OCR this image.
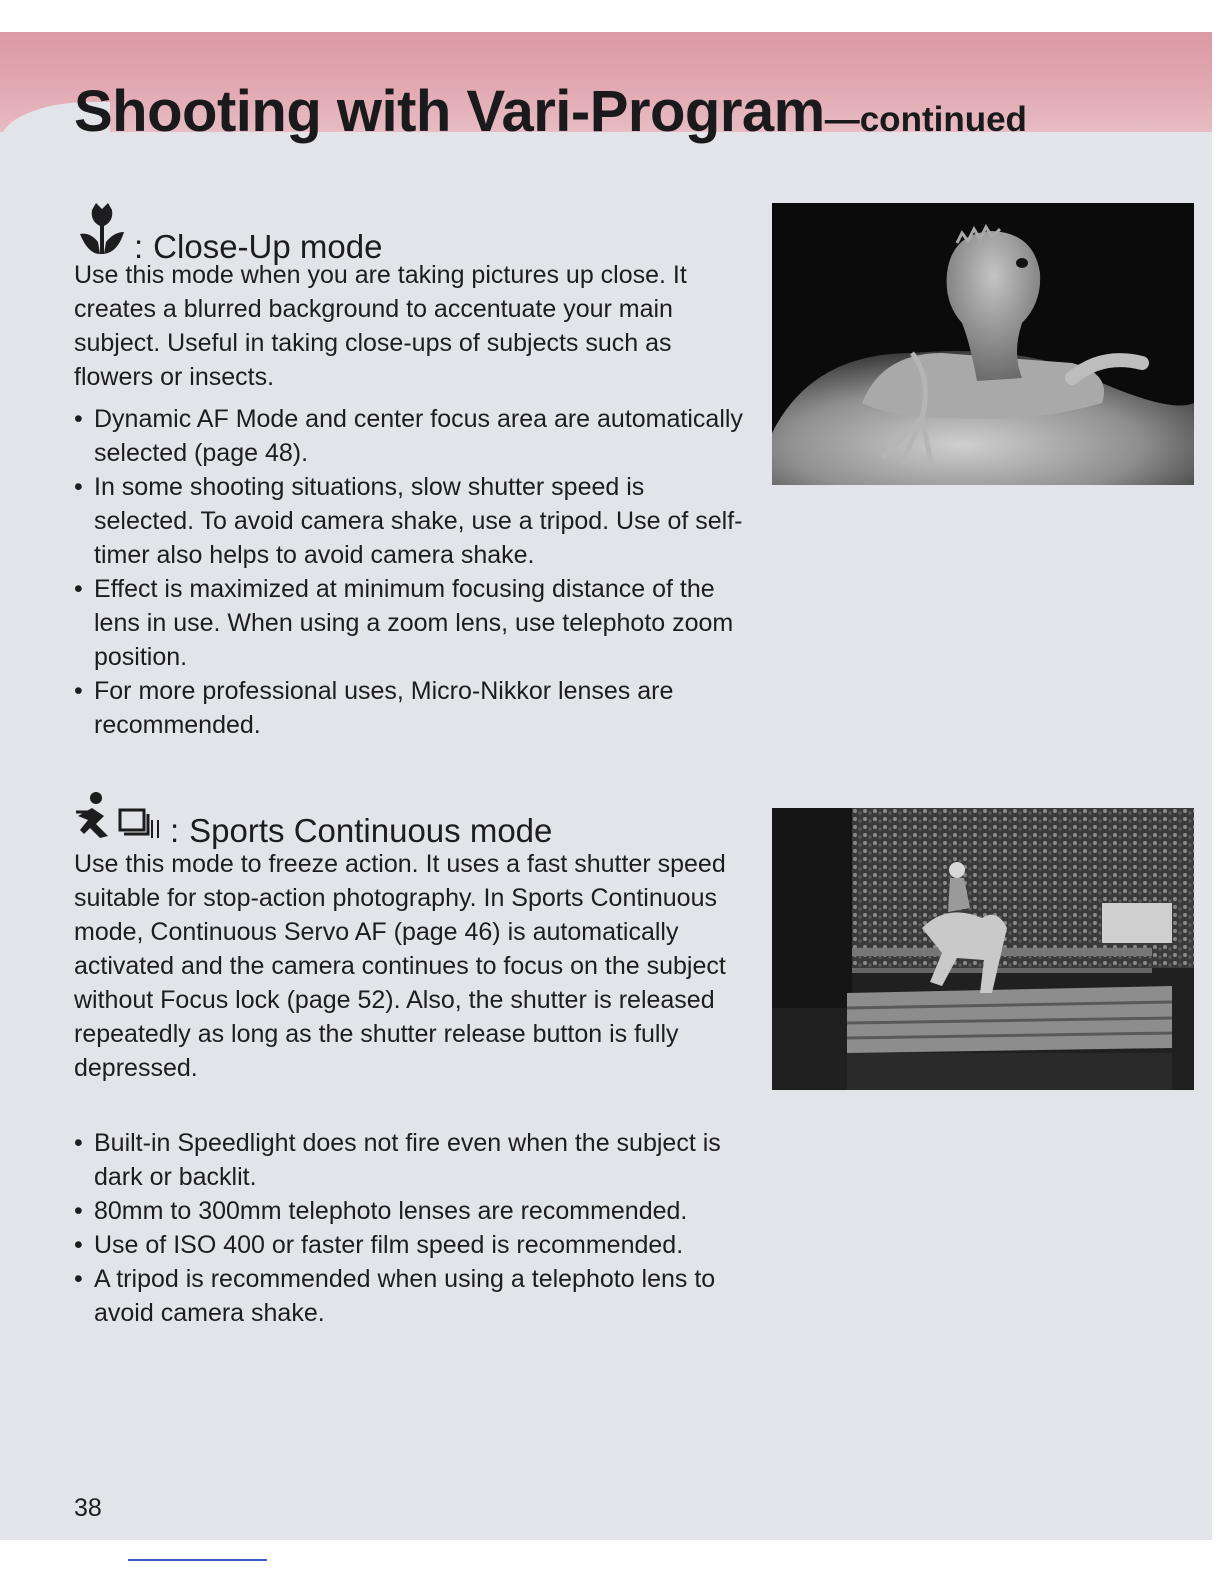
Shooting with Vari-Program—continued
: Close-Up mode

Use this mode when you are taking pictures up close. It creates a blurred background to accentuate your main subject. Useful in taking close-ups of subjects such as flowers or insects.

• Dynamic AF Mode and center focus area are automatically selected (page 48).
• In some shooting situations, slow shutter speed is selected. To avoid camera shake, use a tripod. Use of self-timer also helps to avoid camera shake.
• Effect is maximized at minimum focusing distance of the lens in use. When using a zoom lens, use telephoto zoom position.
• For more professional uses, Micro-Nikkor lenses are recommended.
: Sports Continuous mode

Use this mode to freeze action. It uses a fast shutter speed suitable for stop-action photography. In Sports Continuous mode, Continuous Servo AF (page 46) is automatically activated and the camera continues to focus on the subject without Focus lock (page 52). Also, the shutter is released repeatedly as long as the shutter release button is fully depressed.

• Built-in Speedlight does not fire even when the subject is dark or backlit.
• 80mm to 300mm telephoto lenses are recommended.
• Use of ISO 400 or faster film speed is recommended.
• A tripod is recommended when using a telephoto lens to avoid camera shake.
38
